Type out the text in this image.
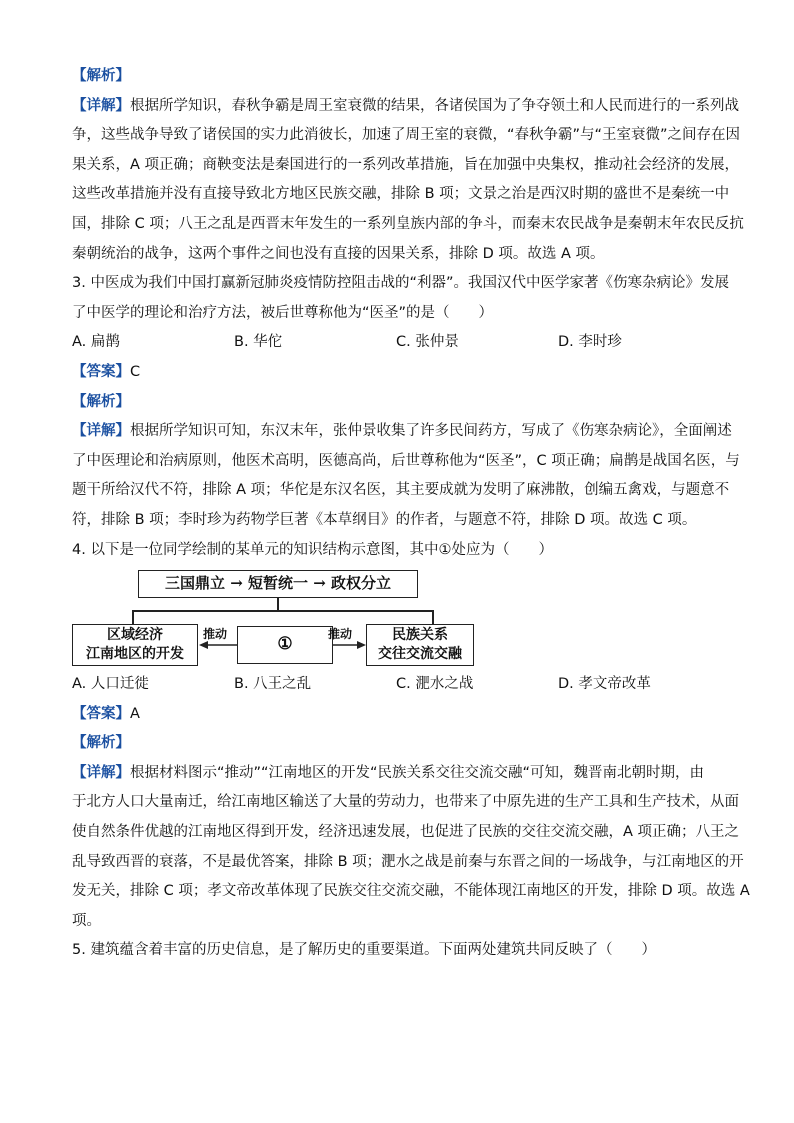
【解析】
【详解】根据所学知识，春秋争霸是周王室衰微的结果，各诸侯国为了争夺领土和人民而进行的一系列战
争，这些战争导致了诸侯国的实力此消彼长，加速了周王室的衰微，“春秋争霸”与“王室衰微”之间存在因
果关系，A 项正确；商鞅变法是秦国进行的一系列改革措施，旨在加强中央集权，推动社会经济的发展，
这些改革措施并没有直接导致北方地区民族交融，排除 B 项；文景之治是西汉时期的盛世不是秦统一中
国，排除 C 项；八王之乱是西晋末年发生的一系列皇族内部的争斗，而秦末农民战争是秦朝末年农民反抗
秦朝统治的战争，这两个事件之间也没有直接的因果关系，排除 D 项。故选 A 项。
3. 中医成为我们中国打赢新冠肺炎疫情防控阻击战的“利器”。我国汉代中医学家著《伤寒杂病论》发展
了中医学的理论和治疗方法，被后世尊称他为“医圣”的是（　　）
A. 扁鹊	B. 华佗	C. 张仲景	D. 李时珍
【答案】C
【解析】
【详解】根据所学知识可知，东汉末年，张仲景收集了许多民间药方，写成了《伤寒杂病论》，全面阐述
了中医理论和治病原则，他医术高明，医德高尚，后世尊称他为“医圣”，C 项正确；扁鹊是战国名医，与
题干所给汉代不符，排除 A 项；华佗是东汉名医，其主要成就为发明了麻沸散，创编五禽戏，与题意不
符，排除 B 项；李时珍为药物学巨著《本草纲目》的作者，与题意不符，排除 D 项。故选 C 项。
4. 以下是一位同学绘制的某单元的知识结构示意图，其中①处应为（　　）
三国鼎立 → 短暂统一 → 政权分立
区域经济
江南地区的开发	①	民族关系
交往交流交融
推动	推动
A. 人口迁徙	B. 八王之乱	C. 淝水之战	D. 孝文帝改革
【答案】A
【解析】
【详解】根据材料图示“推动”“江南地区的开发“民族关系交往交流交融“可知，魏晋南北朝时期，由
于北方人口大量南迁，给江南地区输送了大量的劳动力，也带来了中原先进的生产工具和生产技术，从面
使自然条件优越的江南地区得到开发，经济迅速发展，也促进了民族的交往交流交融，A 项正确；八王之
乱导致西晋的衰落，不是最优答案，排除 B 项；淝水之战是前秦与东晋之间的一场战争，与江南地区的开
发无关，排除 C 项；孝文帝改革体现了民族交往交流交融，不能体现江南地区的开发，排除 D 项。故选 A
项。
5. 建筑蕴含着丰富的历史信息，是了解历史的重要渠道。下面两处建筑共同反映了（　　）
